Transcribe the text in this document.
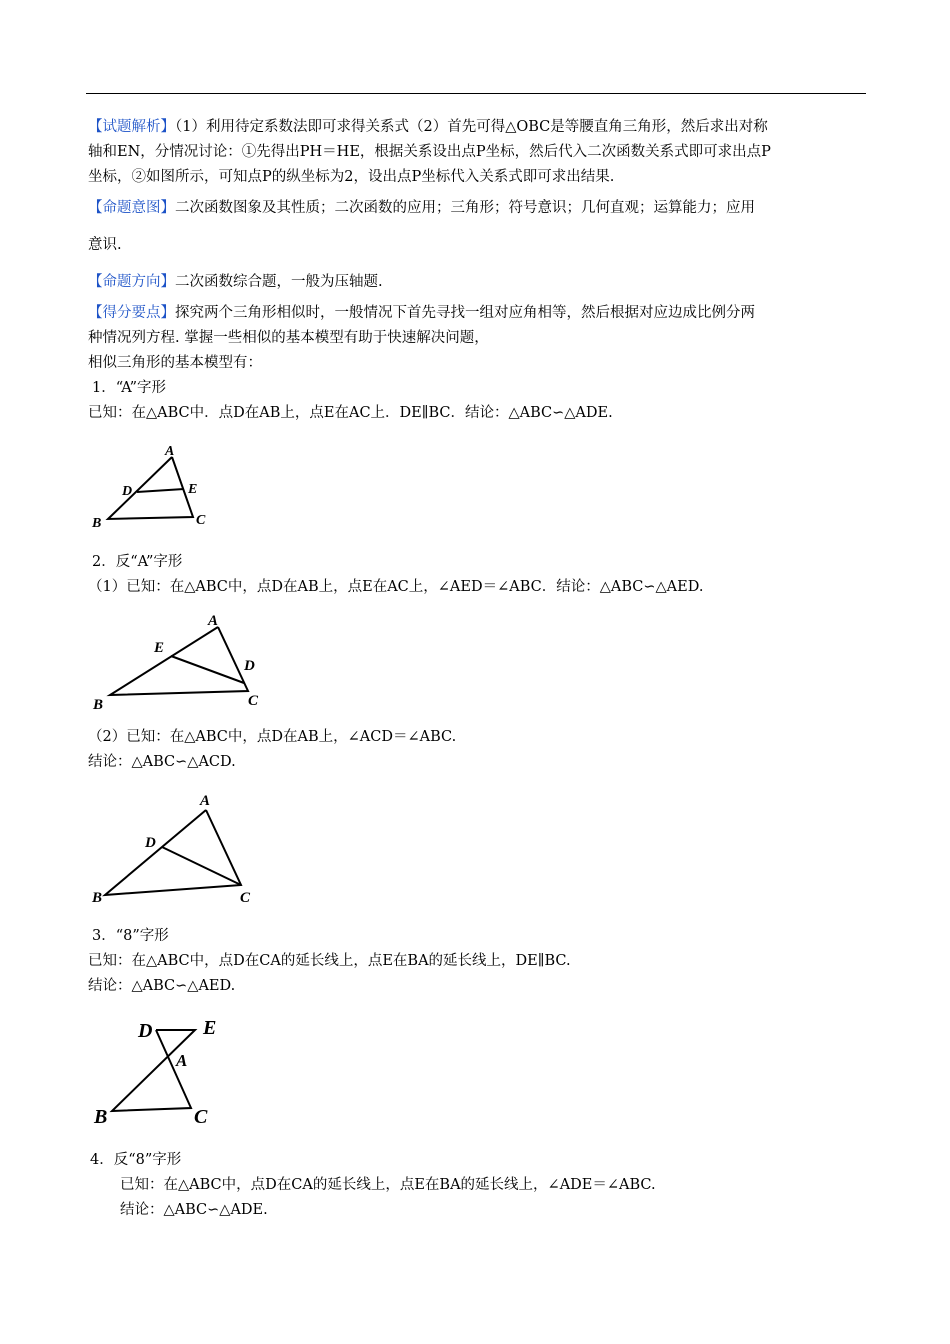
【试题解析】（1）利用待定系数法即可求得关系式（2）首先可得△OBC是等腰直角三角形，然后求出对称
轴和EN，分情况讨论：①先得出PH＝HE，根据关系设出点P坐标，然后代入二次函数关系式即可求出点P
坐标，②如图所示，可知点P的纵坐标为2，设出点P坐标代入关系式即可求出结果.
【命题意图】二次函数图象及其性质；二次函数的应用；三角形；符号意识；几何直观；运算能力；应用
意识.
【命题方向】二次函数综合题，一般为压轴题.
【得分要点】探究两个三角形相似时，一般情况下首先寻找一组对应角相等，然后根据对应边成比例分两
种情况列方程. 掌握一些相似的基本模型有助于快速解决问题，
相似三角形的基本模型有：
1．“A”字形
已知：在△ABC中．点D在AB上，点E在AC上．DE∥BC．结论：△ABC∽△ADE.
A
D	E
B	C
2．反“A”字形
（1）已知：在△ABC中，点D在AB上，点E在AC上，∠AED＝∠ABC．结论：△ABC∽△AED.
A
E
D
B	C
（2）已知：在△ABC中，点D在AB上，∠ACD＝∠ABC.
结论：△ABC∽△ACD.
A
D
B	C
3．“8”字形
已知：在△ABC中，点D在CA的延长线上，点E在BA的延长线上，DE∥BC.
结论：△ABC∽△AED.
D	E
A
B	C
4．反“8”字形
已知：在△ABC中，点D在CA的延长线上，点E在BA的延长线上，∠ADE＝∠ABC.
结论：△ABC∽△ADE.
